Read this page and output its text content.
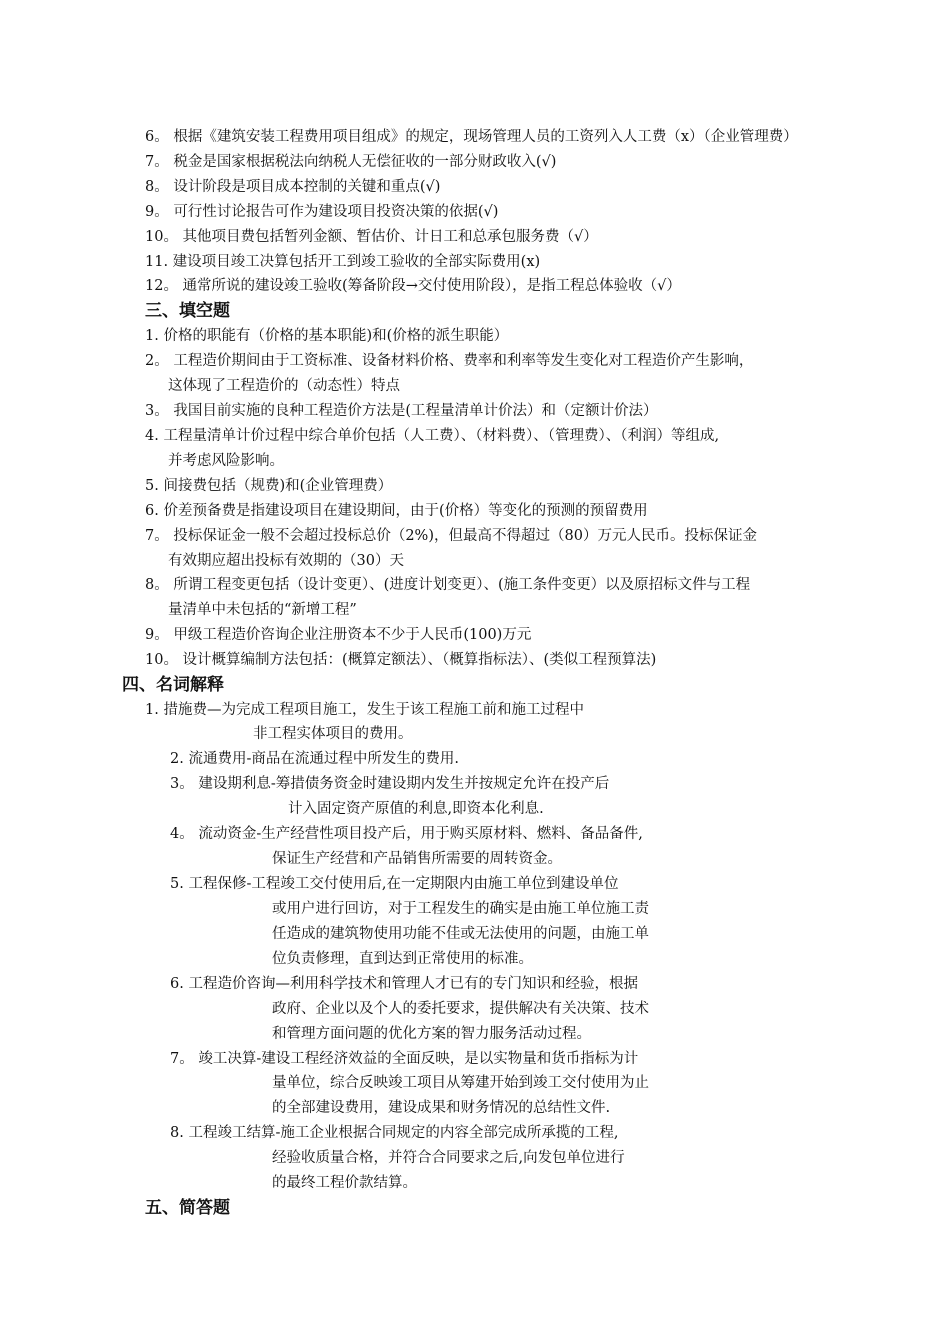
6。 根据《建筑安装工程费用项目组成》的规定，现场管理人员的工资列入人工费（x）（企业管理费）
7。 税金是国家根据税法向纳税人无偿征收的一部分财政收入(√)
8。 设计阶段是项目成本控制的关键和重点(√)
9。 可行性讨论报告可作为建设项目投资决策的依据(√)
10。 其他项目费包括暂列金额、暂估价、计日工和总承包服务费（√）
11. 建设项目竣工决算包括开工到竣工验收的全部实际费用(x)
12。 通常所说的建设竣工验收(筹备阶段→交付使用阶段），是指工程总体验收（√）
三、填空题
1. 价格的职能有（价格的基本职能)和(价格的派生职能）
2。 工程造价期间由于工资标准、设备材料价格、费率和利率等发生变化对工程造价产生影响，
这体现了工程造价的（动态性）特点
3。 我国目前实施的良种工程造价方法是(工程量清单计价法）和（定额计价法）
4. 工程量清单计价过程中综合单价包括（人工费）、（材料费）、（管理费）、（利润）等组成,
并考虑风险影响。
5. 间接费包括（规费)和(企业管理费）
6. 价差预备费是指建设项目在建设期间，由于(价格）等变化的预测的预留费用
7。 投标保证金一般不会超过投标总价（2%)，但最高不得超过（80）万元人民币。投标保证金
有效期应超出投标有效期的（30）天
8。 所谓工程变更包括（设计变更）、(进度计划变更）、(施工条件变更）以及原招标文件与工程
量清单中未包括的“新增工程”
9。 甲级工程造价咨询企业注册资本不少于人民币(100)万元
10。 设计概算编制方法包括：(概算定额法）、（概算指标法）、(类似工程预算法)
四、名词解释
1. 措施费—为完成工程项目施工，发生于该工程施工前和施工过程中
非工程实体项目的费用。
2. 流通费用-商品在流通过程中所发生的费用.
3。 建设期利息-筹措债务资金时建设期内发生并按规定允许在投产后
计入固定资产原值的利息,即资本化利息.
4。 流动资金-生产经营性项目投产后，用于购买原材料、燃料、备品备件,
保证生产经营和产品销售所需要的周转资金。
5. 工程保修-工程竣工交付使用后,在一定期限内由施工单位到建设单位
或用户进行回访，对于工程发生的确实是由施工单位施工责
任造成的建筑物使用功能不佳或无法使用的问题，由施工单
位负责修理，直到达到正常使用的标准。
6. 工程造价咨询—利用科学技术和管理人才已有的专门知识和经验，根据
政府、企业以及个人的委托要求，提供解决有关决策、技术
和管理方面问题的优化方案的智力服务活动过程。
7。 竣工决算-建设工程经济效益的全面反映，是以实物量和货币指标为计
量单位，综合反映竣工项目从筹建开始到竣工交付使用为止
的全部建设费用，建设成果和财务情况的总结性文件.
8. 工程竣工结算-施工企业根据合同规定的内容全部完成所承揽的工程,
经验收质量合格，并符合合同要求之后,向发包单位进行
的最终工程价款结算。
五、简答题
